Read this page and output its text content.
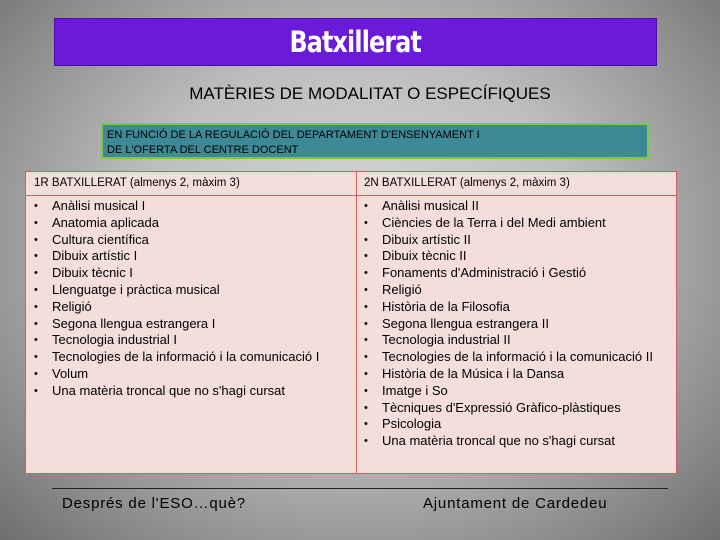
Batxillerat
MATÈRIES DE MODALITAT O ESPECÍFIQUES
EN FUNCIÓ DE LA REGULACIÓ DEL DEPARTAMENT D'ENSENYAMENT I
DE L'OFERTA DEL CENTRE DOCENT
1R BATXILLERAT (almenys 2, màxim 3)
• Anàlisi musical I
• Anatomia aplicada
• Cultura científica
• Dibuix artístic I
• Dibuix tècnic I
• Llenguatge i pràctica musical
• Religió
• Segona llengua estrangera I
• Tecnologia industrial I
• Tecnologies de la informació i la comunicació I
• Volum
• Una matèria troncal que no s'hagi cursat
2N BATXILLERAT (almenys 2, màxim 3)
• Anàlisi musical II
• Ciències de la Terra i del Medi ambient
• Dibuix artístic II
• Dibuix tècnic II
• Fonaments d'Administració i Gestió
• Religió
• Història de la Filosofia
• Segona llengua estrangera II
• Tecnologia industrial II
• Tecnologies de la informació i la comunicació II
• Història de la Música i la Dansa
• Imatge i So
• Tècniques d'Expressió Gràfico-plàstiques
• Psicologia
• Una matèria troncal que no s'hagi cursat
Després de l'ESO…què?	Ajuntament de Cardedeu
